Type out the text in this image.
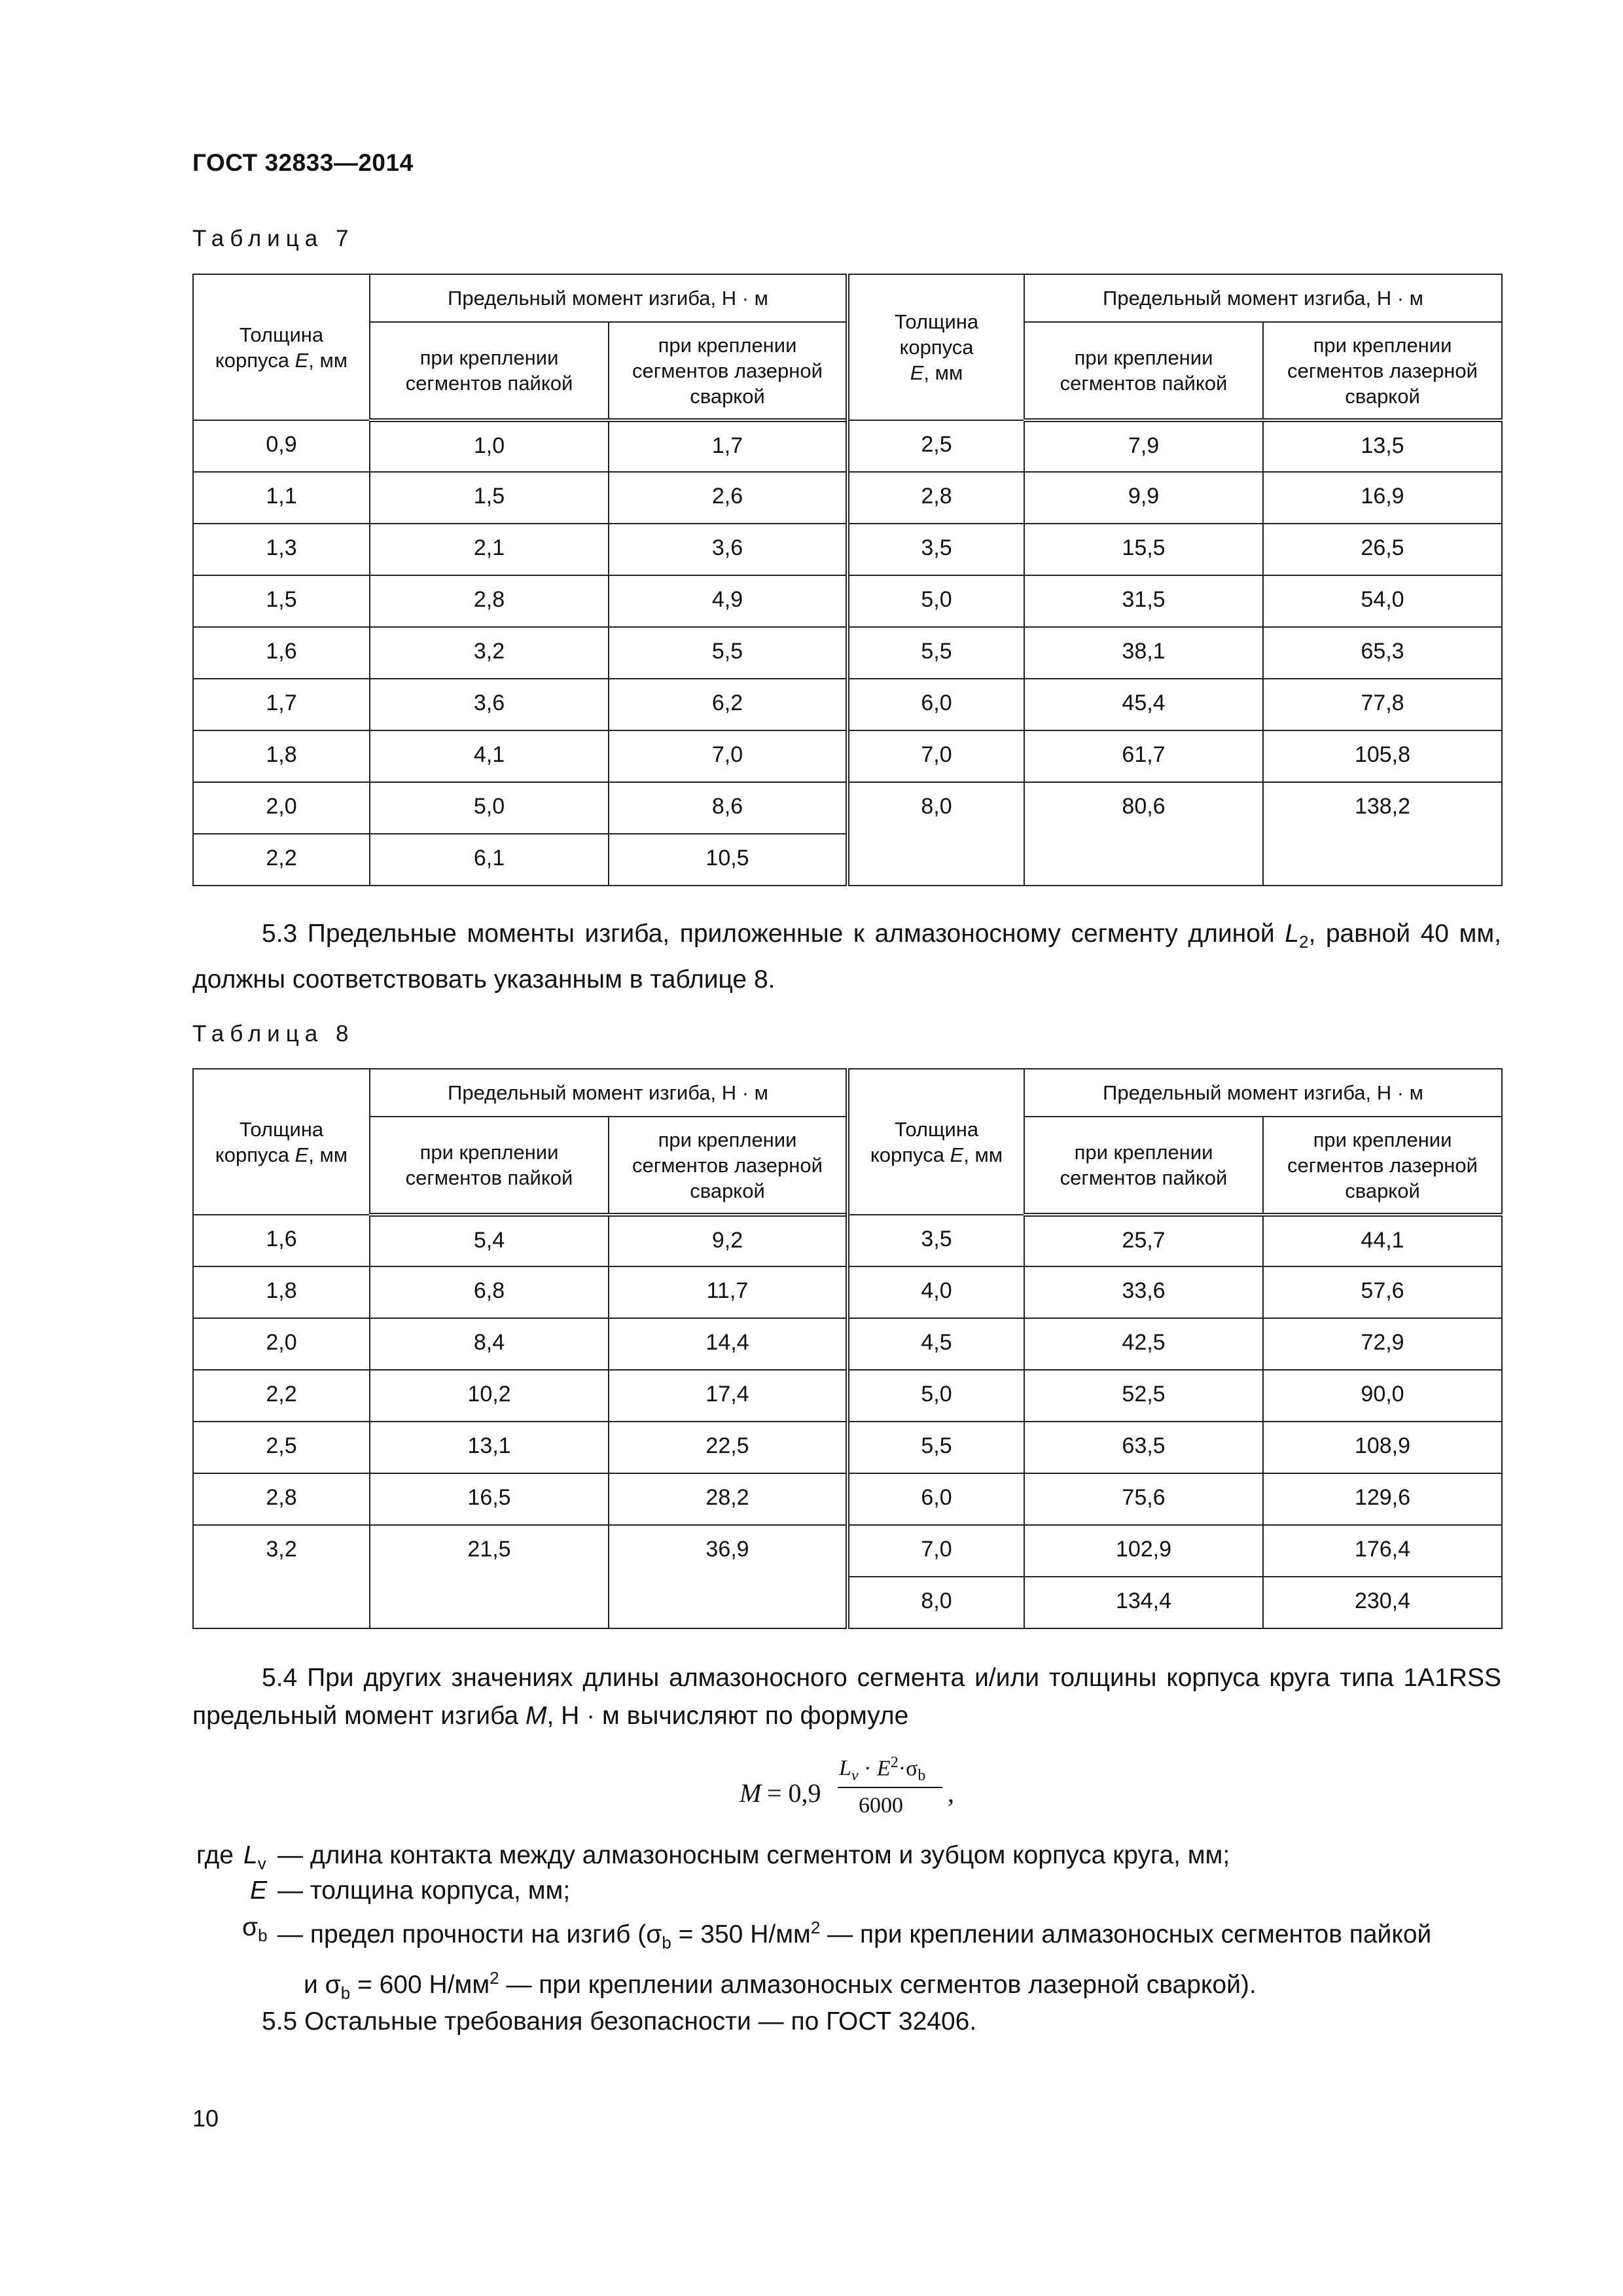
ГОСТ 32833—2014
Таблица 7
Толщина
корпуса E, мм	Предельный момент изгиба, Н · м		Толщина
корпуса
E, мм	Предельный момент изгиба, Н · м	
	при креплении
сегментов пайкой	при креплении
сегментов лазерной
сваркой		при креплении
сегментов пайкой	при креплении
сегментов лазерной
сваркой
0,9	1,0	1,7	2,5	7,9	13,5
1,1	1,5	2,6	2,8	9,9	16,9
1,3	2,1	3,6	3,5	15,5	26,5
1,5	2,8	4,9	5,0	31,5	54,0
1,6	3,2	5,5	5,5	38,1	65,3
1,7	3,6	6,2	6,0	45,4	77,8
1,8	4,1	7,0	7,0	61,7	105,8
2,0	5,0	8,6	8,0	80,6	138,2
2,2	6,1	10,5			

5.3 Предельные моменты изгиба, приложенные к алмазоносному сегменту длиной $L_2$, равной 40 мм, должны соответствовать указанным в таблице 8.

Таблица 8
Толщина
корпуса E, мм	Предельный момент изгиба, Н · м		Толщина
корпуса E, мм	Предельный момент изгиба, Н · м	
	при креплении
сегментов пайкой	при креплении
сегментов лазерной
сваркой		при креплении
сегментов пайкой	при креплении
сегментов лазерной
сваркой
1,6	5,4	9,2	3,5	25,7	44,1
1,8	6,8	11,7	4,0	33,6	57,6
2,0	8,4	14,4	4,5	42,5	72,9
2,2	10,2	17,4	5,0	52,5	90,0
2,5	13,1	22,5	5,5	63,5	108,9
2,8	16,5	28,2	6,0	75,6	129,6
3,2	21,5	36,9	7,0	102,9	176,4
			8,0	134,4	230,4

5.4 При других значениях длины алмазоносного сегмента и/или толщины корпуса круга типа 1A1RSS предельный момент изгиба M, Н · м вычисляют по формуле

M = 0,9
$L_v \cdot E^2\cdot\sigma_b$
6000 ,
где $L_v$ — длина контакта между алмазоносным сегментом и зубцом корпуса круга, мм;
E — толщина корпуса, мм;
$\sigma_b$ — предел прочности на изгиб ($\sigma_b = 350$ $Н/мм^2$ — при креплении алмазоносных сегментов пайкой
и $\sigma_b = 600$ $Н/мм^2$ — при креплении алмазоносных сегментов лазерной сваркой).

5.5 Остальные требования безопасности — по ГОСТ 32406.

10
